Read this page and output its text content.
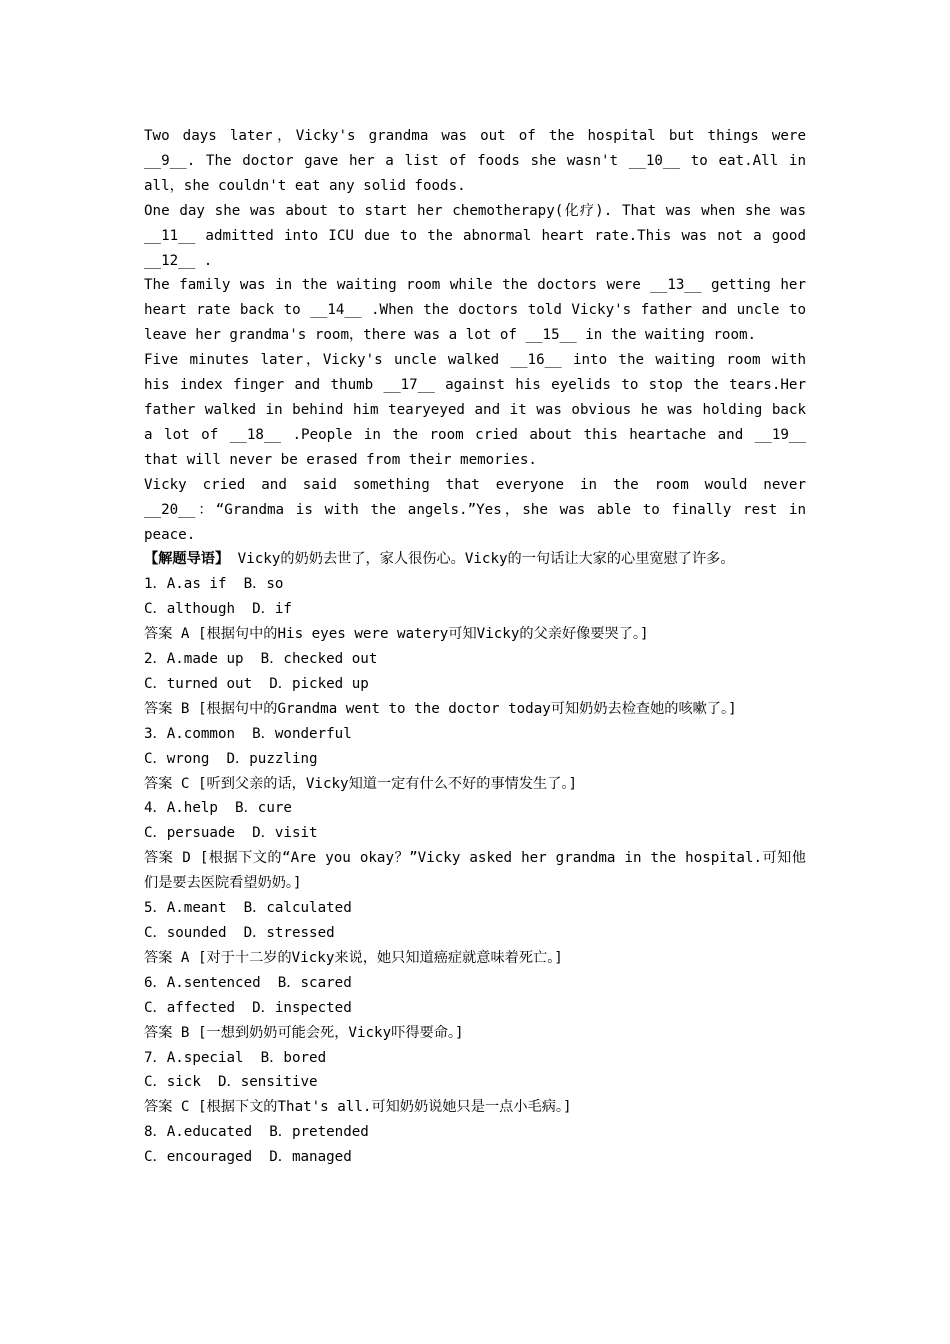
Two days later，Vicky's grandma was out of the hospital but things were __9__. The doctor gave her a list of foods she wasn't __10__ to eat.All in all，she couldn't eat any solid foods.

One day she was about to start her chemotherapy(化疗). That was when she was __11__ admitted into ICU due to the abnormal heart rate.This was not a good __12__ .

The family was in the waiting room while the doctors were __13__ getting her heart rate back to __14__ .When the doctors told Vicky's father and uncle to leave her grandma's room，there was a lot of __15__ in the waiting room.

Five minutes later，Vicky's uncle walked __16__ into the waiting room with his index finger and thumb __17__ against his eyelids to stop the tears.Her father walked in behind him tearyeyed and it was obvious he was holding back a lot of __18__ .People in the room cried about this heartache and __19__ that will never be erased from their memories.

Vicky cried and said something that everyone in the room would never __20__：“Grandma is with the angels.”Yes，she was able to finally rest in peace.

【解题导语】 Vicky的奶奶去世了，家人很伤心。Vicky的一句话让大家的心里宽慰了许多。

1．A.as if  B．so

C．although  D．if

答案 A [根据句中的His eyes were watery可知Vicky的父亲好像要哭了。]

2．A.made up  B．checked out

C．turned out  D．picked up

答案 B [根据句中的Grandma went to the doctor today可知奶奶去检查她的咳嗽了。]

3．A.common  B．wonderful

C．wrong  D．puzzling

答案 C [听到父亲的话，Vicky知道一定有什么不好的事情发生了。]

4．A.help  B．cure

C．persuade  D．visit

答案 D [根据下文的“Are you okay？”Vicky asked her grandma in the hospital.可知他们是要去医院看望奶奶。]

5．A.meant  B．calculated

C．sounded  D．stressed

答案 A [对于十二岁的Vicky来说，她只知道癌症就意味着死亡。]

6．A.sentenced  B．scared

C．affected  D．inspected

答案 B [一想到奶奶可能会死，Vicky吓得要命。]

7．A.special  B．bored

C．sick  D．sensitive

答案 C [根据下文的That's all.可知奶奶说她只是一点小毛病。]

8．A.educated  B．pretended

C．encouraged  D．managed
